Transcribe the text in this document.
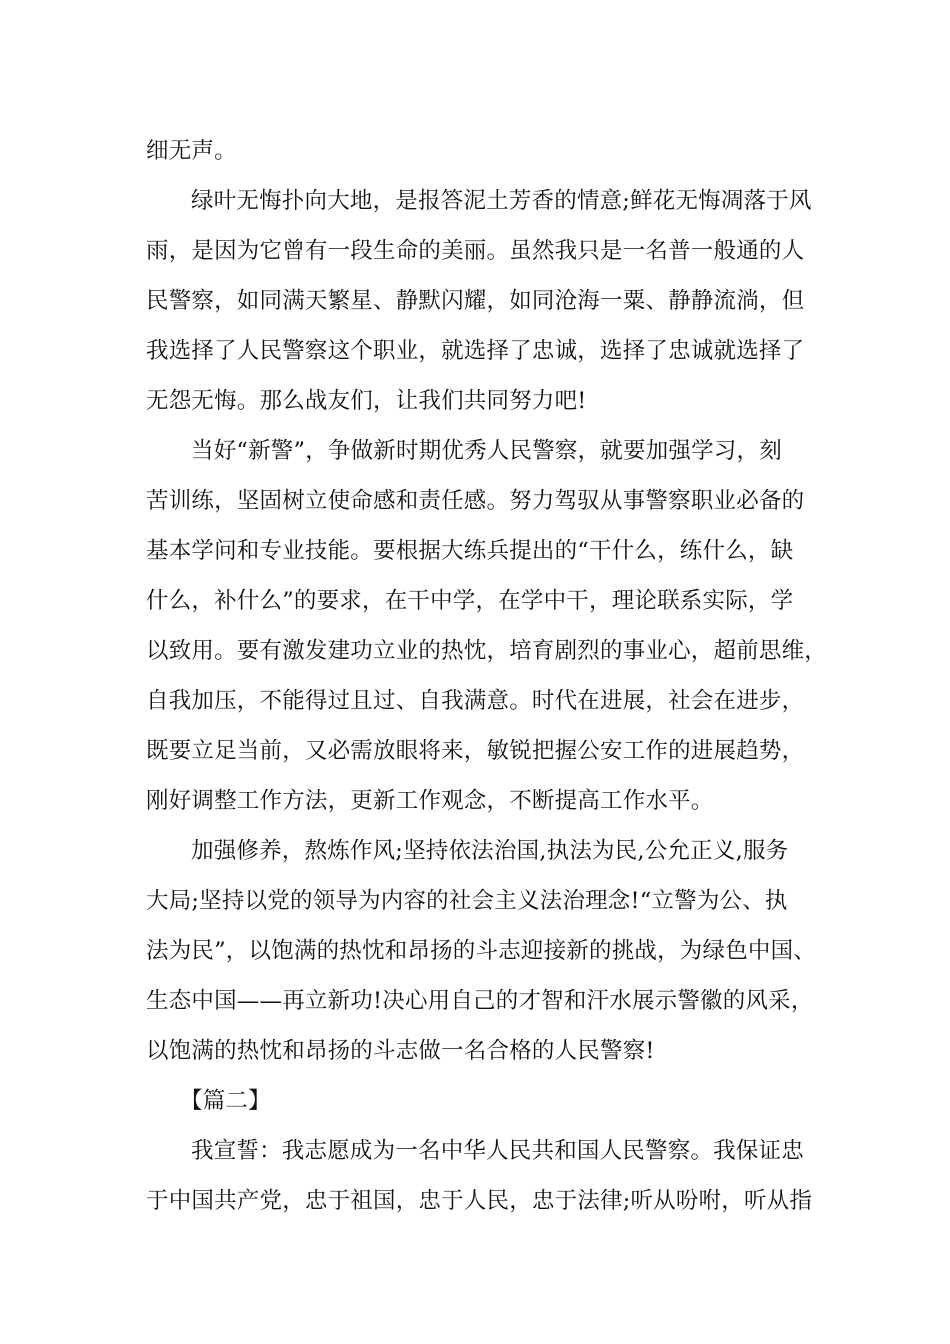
细无声。
绿叶无悔扑向大地，是报答泥土芳香的情意;鲜花无悔凋落于风
雨，是因为它曾有一段生命的美丽。虽然我只是一名普一般通的人
民警察，如同满天繁星、静默闪耀，如同沧海一粟、静静流淌，但
我选择了人民警察这个职业，就选择了忠诚，选择了忠诚就选择了
无怨无悔。那么战友们，让我们共同努力吧!
当好“新警”，争做新时期优秀人民警察，就要加强学习，刻
苦训练，坚固树立使命感和责任感。努力驾驭从事警察职业必备的
基本学问和专业技能。要根据大练兵提出的“干什么，练什么，缺
什么，补什么”的要求，在干中学，在学中干，理论联系实际，学
以致用。要有激发建功立业的热忱，培育剧烈的事业心，超前思维，
自我加压，不能得过且过、自我满意。时代在进展，社会在进步，
既要立足当前，又必需放眼将来，敏锐把握公安工作的进展趋势，
刚好调整工作方法，更新工作观念，不断提高工作水平。
加强修养，熬炼作风;坚持依法治国,执法为民,公允正义,服务
大局;坚持以党的领导为内容的社会主义法治理念!“立警为公、执
法为民”，以饱满的热忱和昂扬的斗志迎接新的挑战，为绿色中国、
生态中国——再立新功!决心用自己的才智和汗水展示警徽的风采，
以饱满的热忱和昂扬的斗志做一名合格的人民警察!
【篇二】
我宣誓：我志愿成为一名中华人民共和国人民警察。我保证忠
于中国共产党，忠于祖国，忠于人民，忠于法律;听从吩咐，听从指
